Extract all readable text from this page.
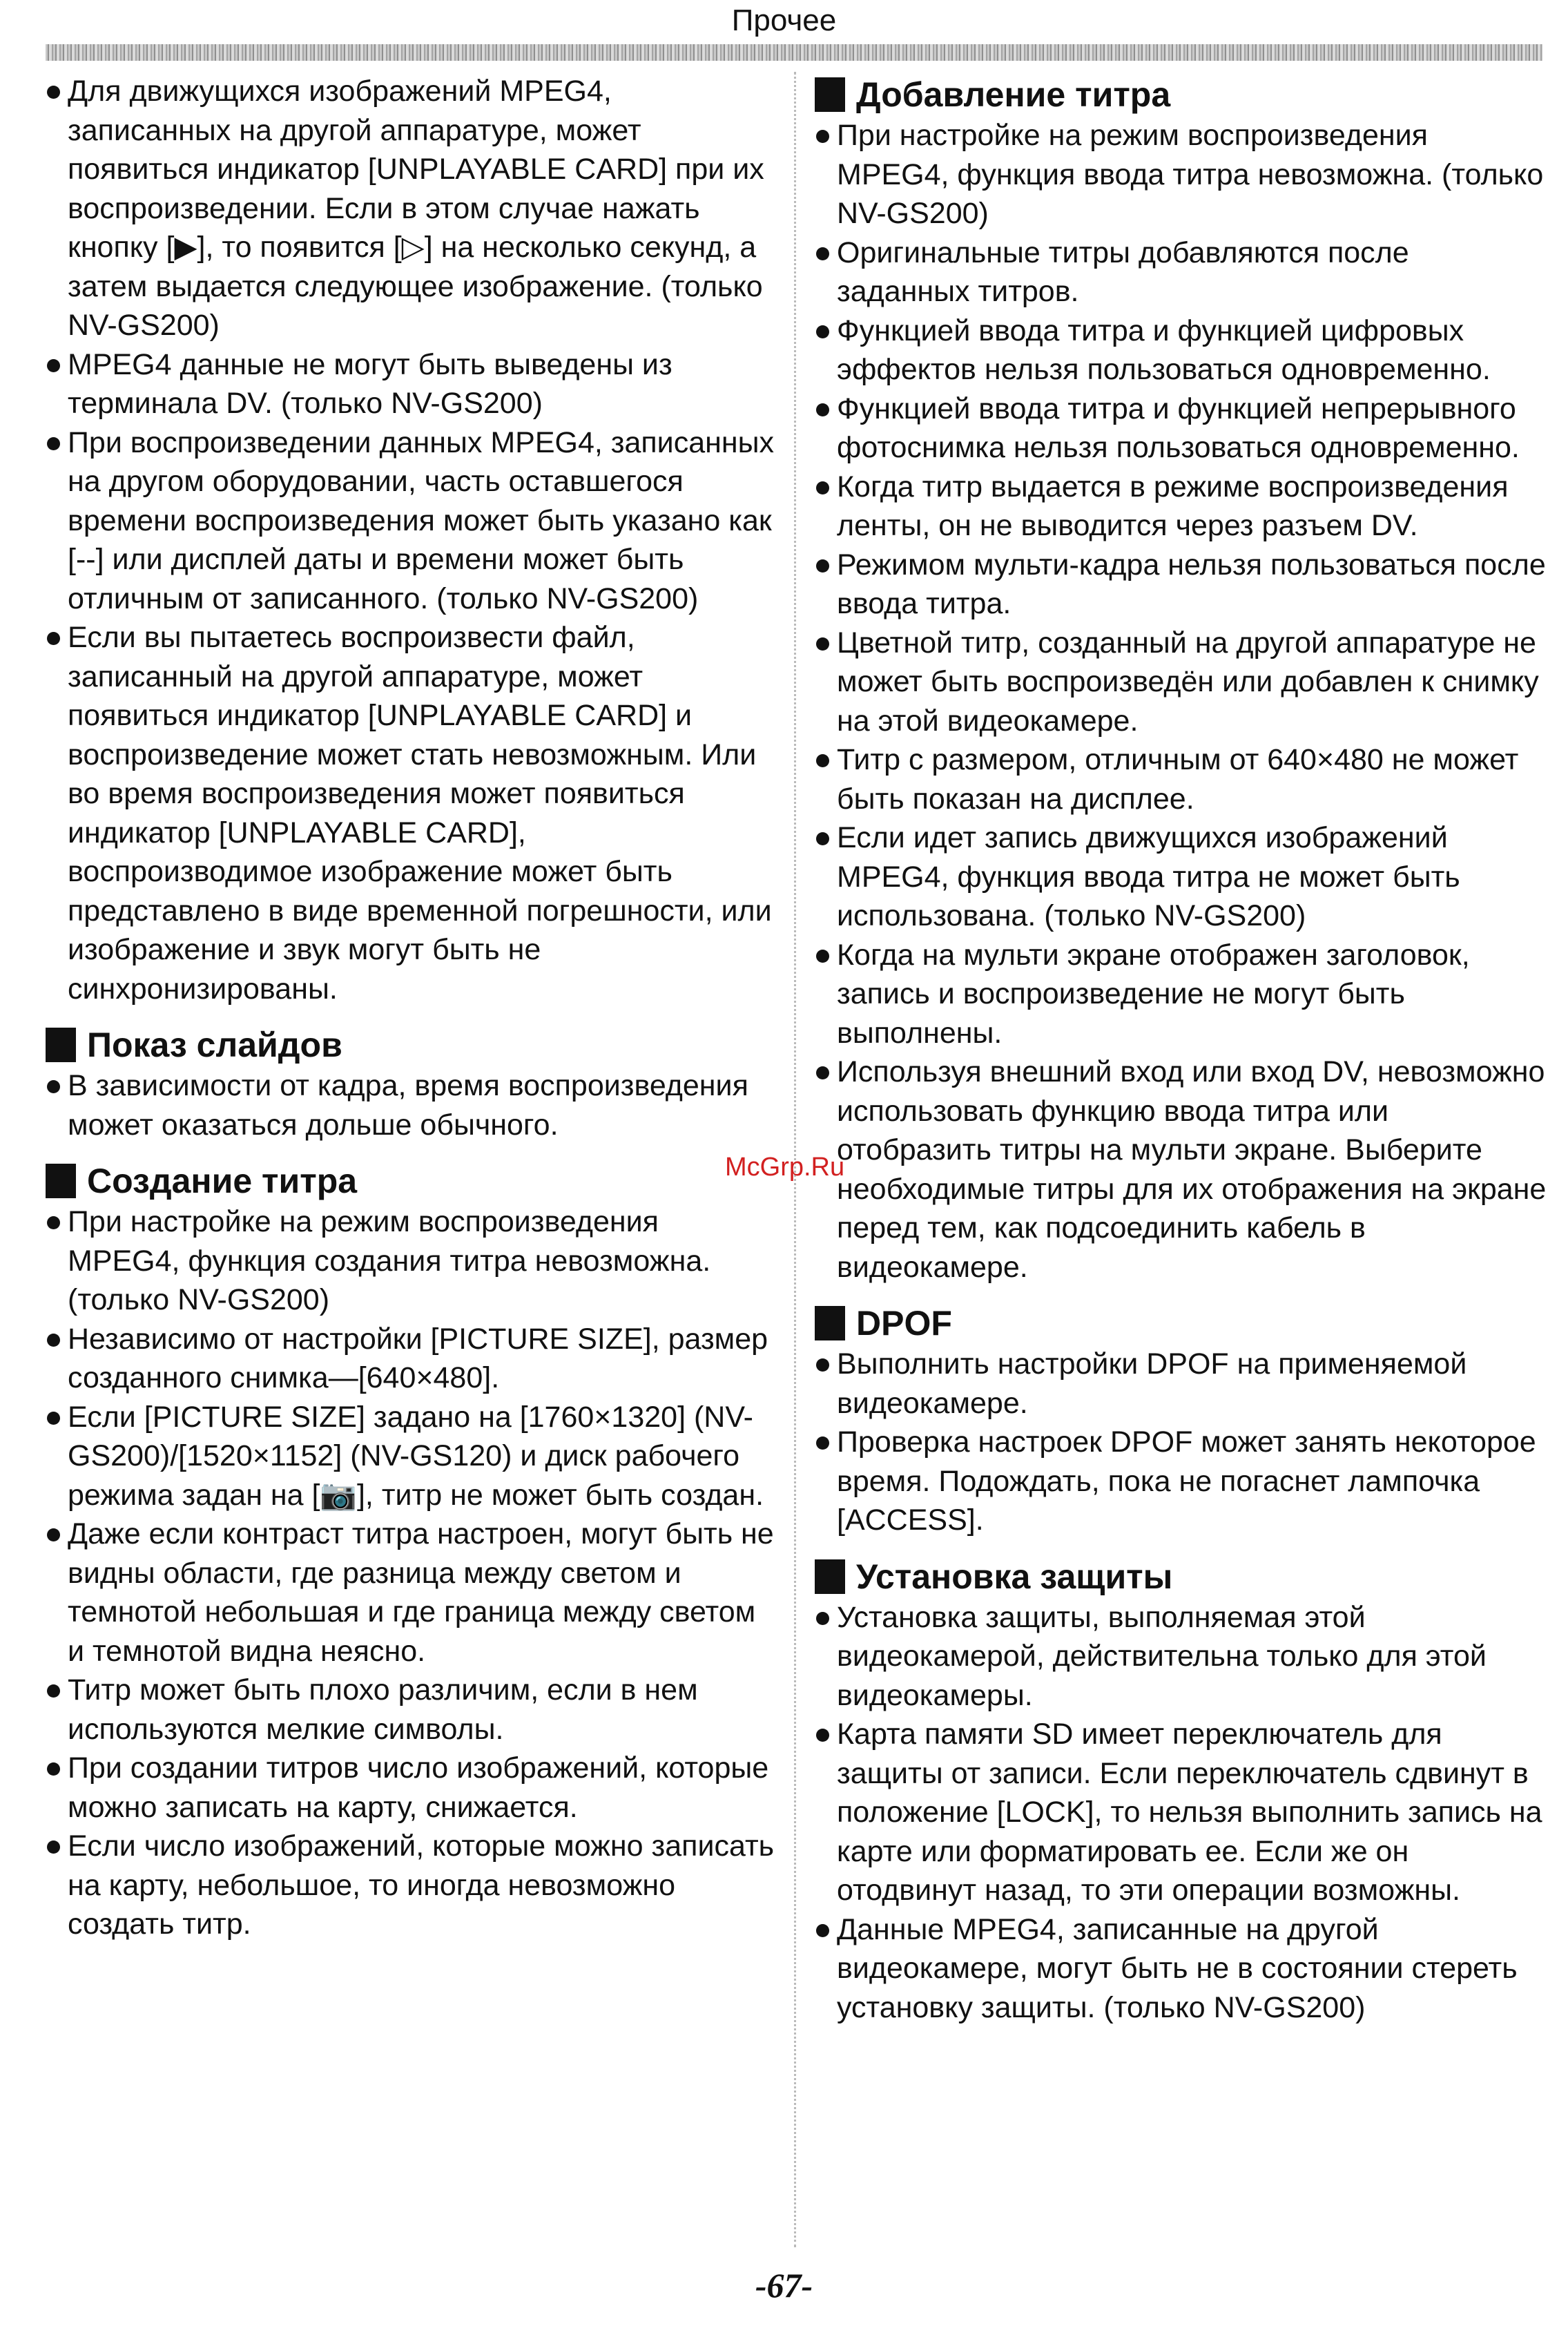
Прочее
Для движущихся изображений MPEG4, записанных на другой аппаратуре, может появиться индикатор [UNPLAYABLE CARD] при их воспроизведении. Если в этом случае нажать кнопку [▶], то появится [▷] на несколько секунд, а затем выдается следующее изображение. (только NV-GS200)
MPEG4 данные не могут быть выведены из терминала DV. (только NV-GS200)
При воспроизведении данных MPEG4, записанных на другом оборудовании, часть оставшегося времени воспроизведения может быть указано как [--] или дисплей даты и времени может быть отличным от записанного. (только NV-GS200)
Если вы пытаетесь воспроизвести файл, записанный на другой аппаратуре, может появиться индикатор [UNPLAYABLE CARD] и воспроизведение может стать невозможным. Или во время воспроизведения может появиться индикатор [UNPLAYABLE CARD], воспроизводимое изображение может быть представлено в виде временной погрешности, или изображение и звук могут быть не синхронизированы.
Показ слайдов
В зависимости от кадра, время воспроизведения может оказаться дольше обычного.
Создание титра
При настройке на режим воспроизведения MPEG4, функция создания титра невозможна. (только NV-GS200)
Независимо от настройки [PICTURE SIZE], размер созданного снимка—[640×480].
Если [PICTURE SIZE] задано на [1760×1320] (NV-GS200)/[1520×1152] (NV-GS120) и диск рабочего режима задан на [📷], титр не может быть создан.
Даже если контраст титра настроен, могут быть не видны области, где разница между светом и темнотой небольшая и где граница между светом и темнотой видна неясно.
Титр может быть плохо различим, если в нем используются мелкие символы.
При создании титров число изображений, которые можно записать на карту, снижается.
Если число изображений, которые можно записать на карту, небольшое, то иногда невозможно создать титр.
Добавление титра
При настройке на режим воспроизведения MPEG4, функция ввода титра невозможна. (только NV-GS200)
Оригинальные титры добавляются после заданных титров.
Функцией ввода титра и функцией цифровых эффектов нельзя пользоваться одновременно.
Функцией ввода титра и функцией непрерывного фотоснимка нельзя пользоваться одновременно.
Когда титр выдается в режиме воспроизведения ленты, он не выводится через разъем DV.
Режимом мульти-кадра нельзя пользоваться после ввода титра.
Цветной титр, созданный на другой аппаратуре не может быть воспроизведён или добавлен к снимку на этой видеокамере.
Титр с размером, отличным от 640×480 не может быть показан на дисплее.
Если идет запись движущихся изображений MPEG4, функция ввода титра не может быть использована. (только NV-GS200)
Когда на мульти экране отображен заголовок, запись и воспроизведение не могут быть выполнены.
Используя внешний вход или вход DV, невозможно использовать функцию ввода титра или отобразить титры на мульти экране. Выберите необходимые титры для их отображения на экране перед тем, как подсоединить кабель в видеокамере.
DPOF
Выполнить настройки DPOF на применяемой видеокамере.
Проверка настроек DPOF может занять некоторое время. Подождать, пока не погаснет лампочка [ACCESS].
Установка защиты
Установка защиты, выполняемая этой видеокамерой, действительна только для этой видеокамеры.
Карта памяти SD имеет переключатель для защиты от записи. Если переключатель сдвинут в положение [LOCK], то нельзя выполнить запись на карте или форматировать ее. Если же он отодвинут назад, то эти операции возможны.
Данные MPEG4, записанные на другой видеокамере, могут быть не в состоянии стереть установку защиты. (только NV-GS200)
McGrp.Ru
-67-
